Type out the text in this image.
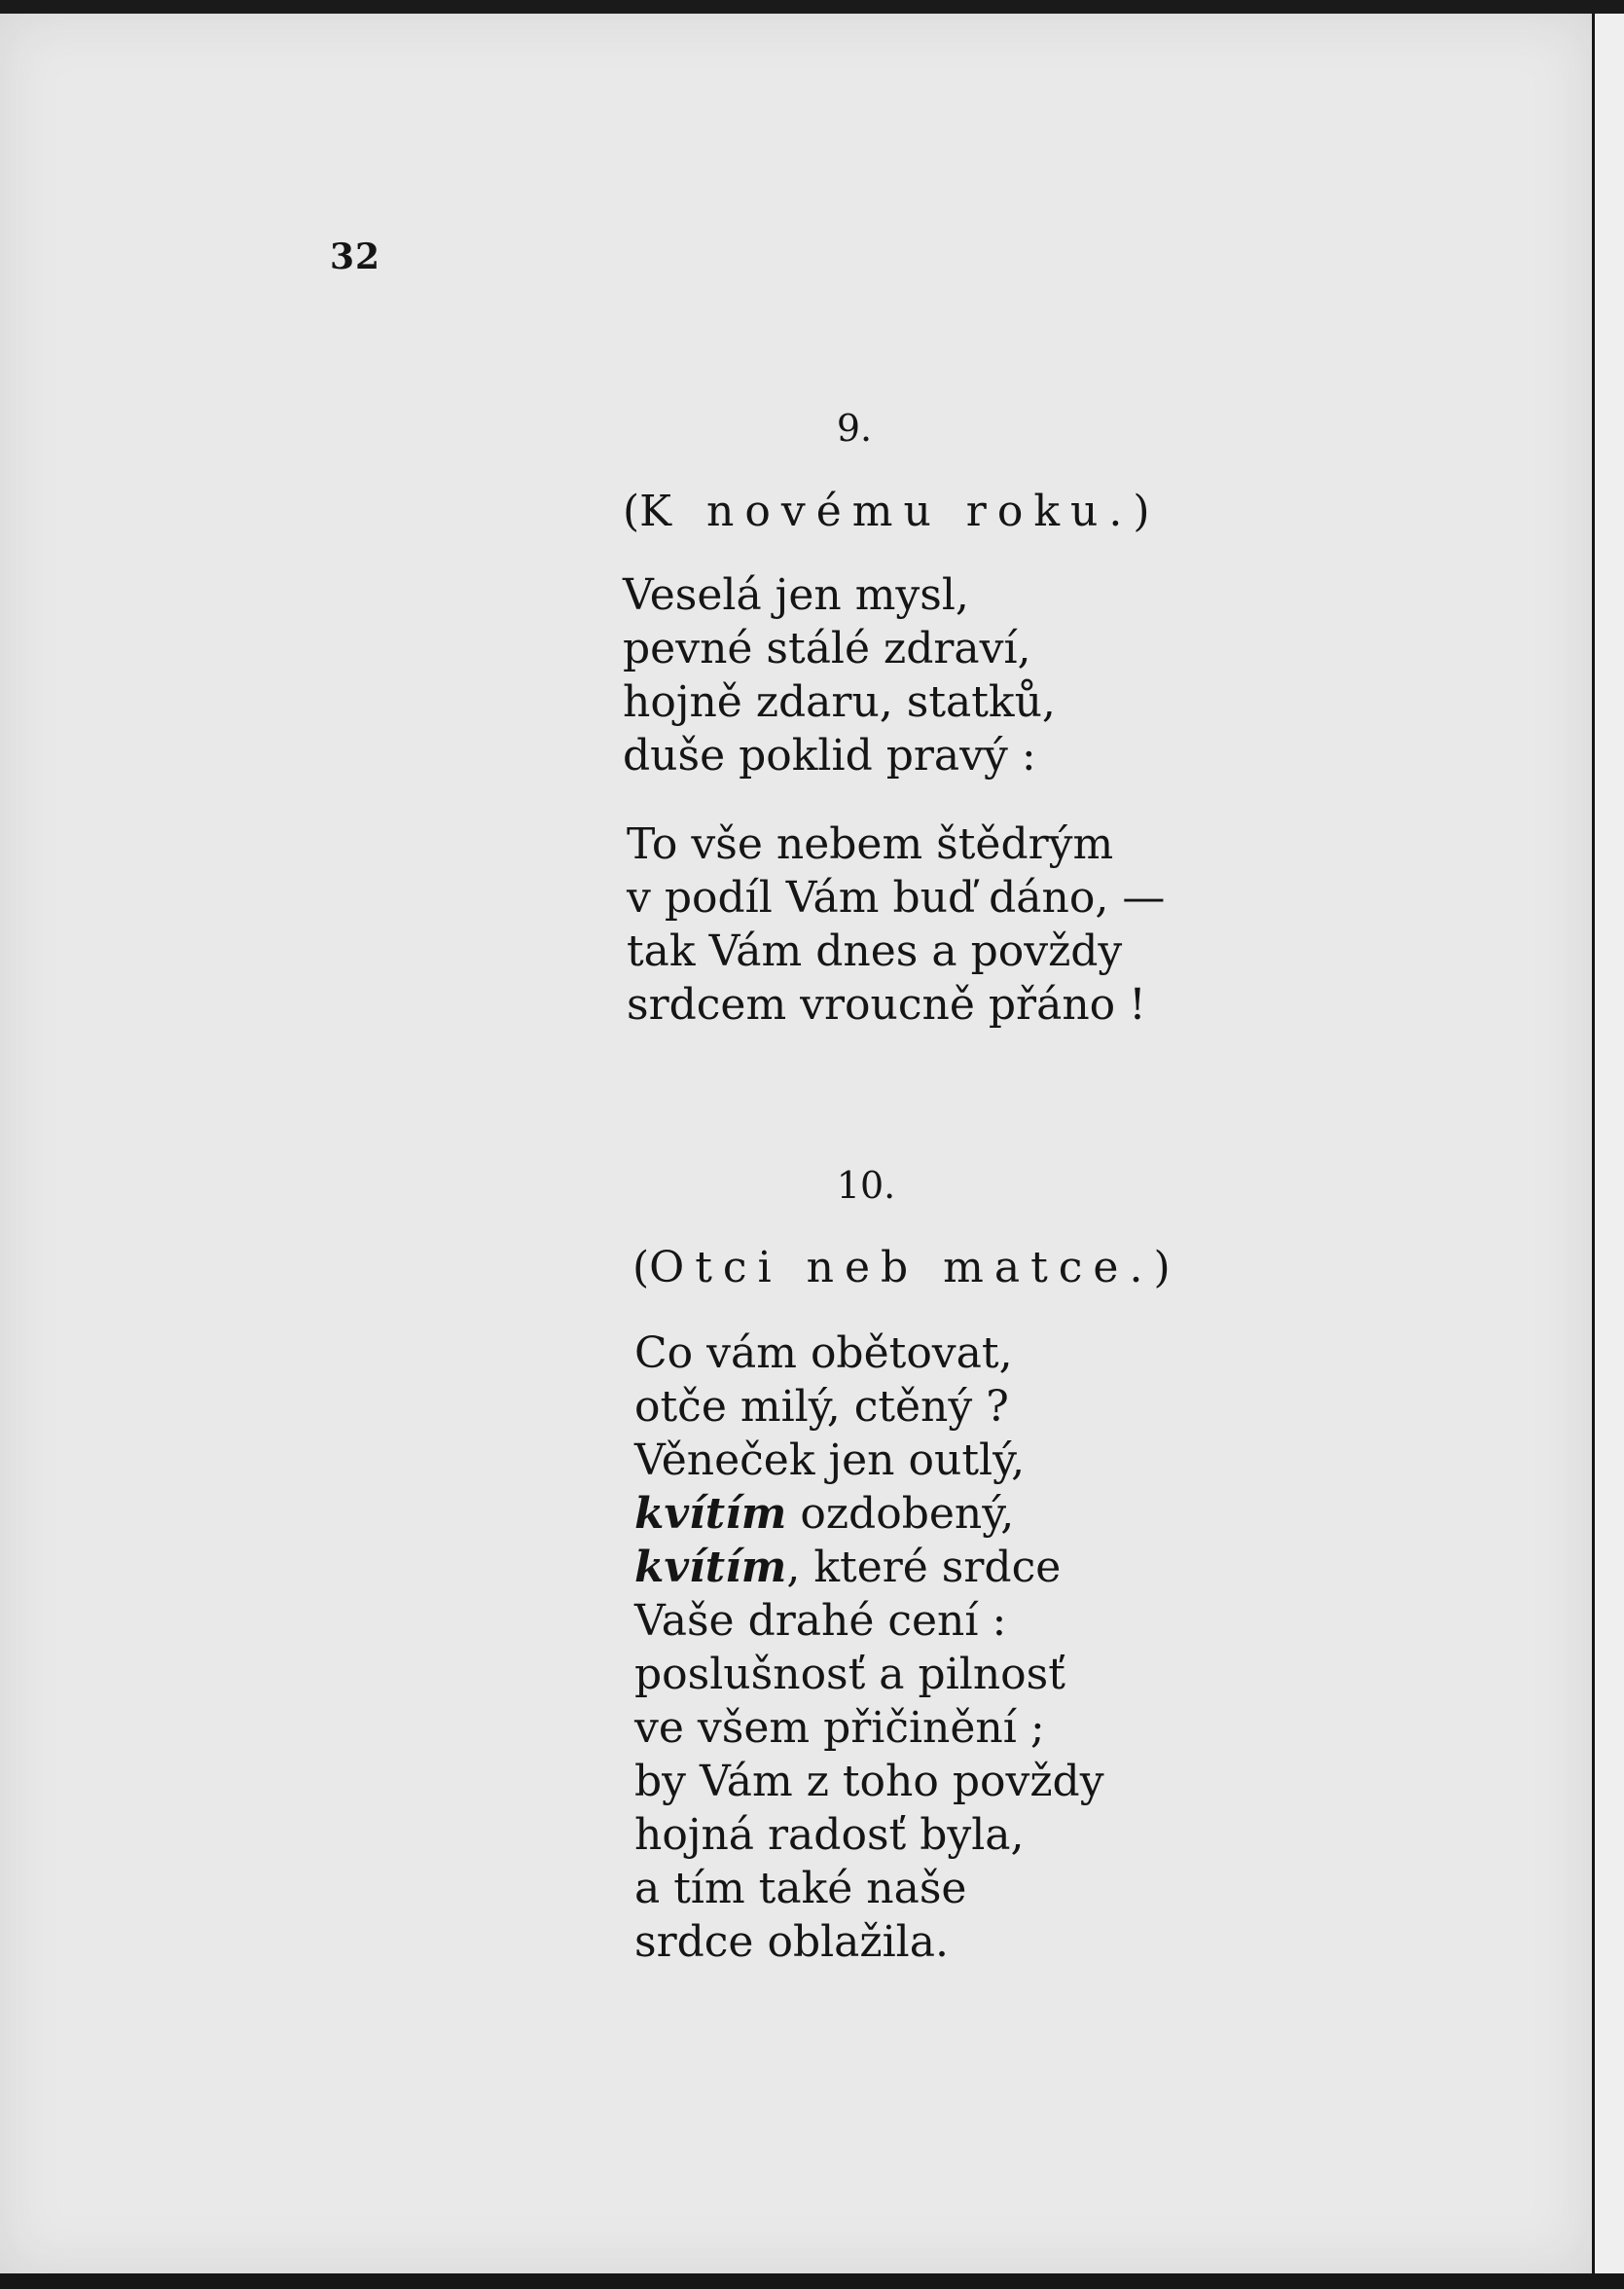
32
9.
(K novému roku.)
Veselá jen mysl,
pevné stálé zdraví,
hojně zdaru, statků,
duše poklid pravý :
To vše nebem štědrým
v podíl Vám buď dáno, —
tak Vám dnes a povždy
srdcem vroucně přáno !
10.
(Otci neb matce.)
Co vám obětovat,
otče milý, ctěný ?
Věneček jen outlý,
kvítím ozdobený,
kvítím, které srdce
Vaše drahé cení :
poslušnosť a pilnosť
ve všem přičinění ;
by Vám z toho povždy
hojná radosť byla,
a tím také naše
srdce oblažila.
